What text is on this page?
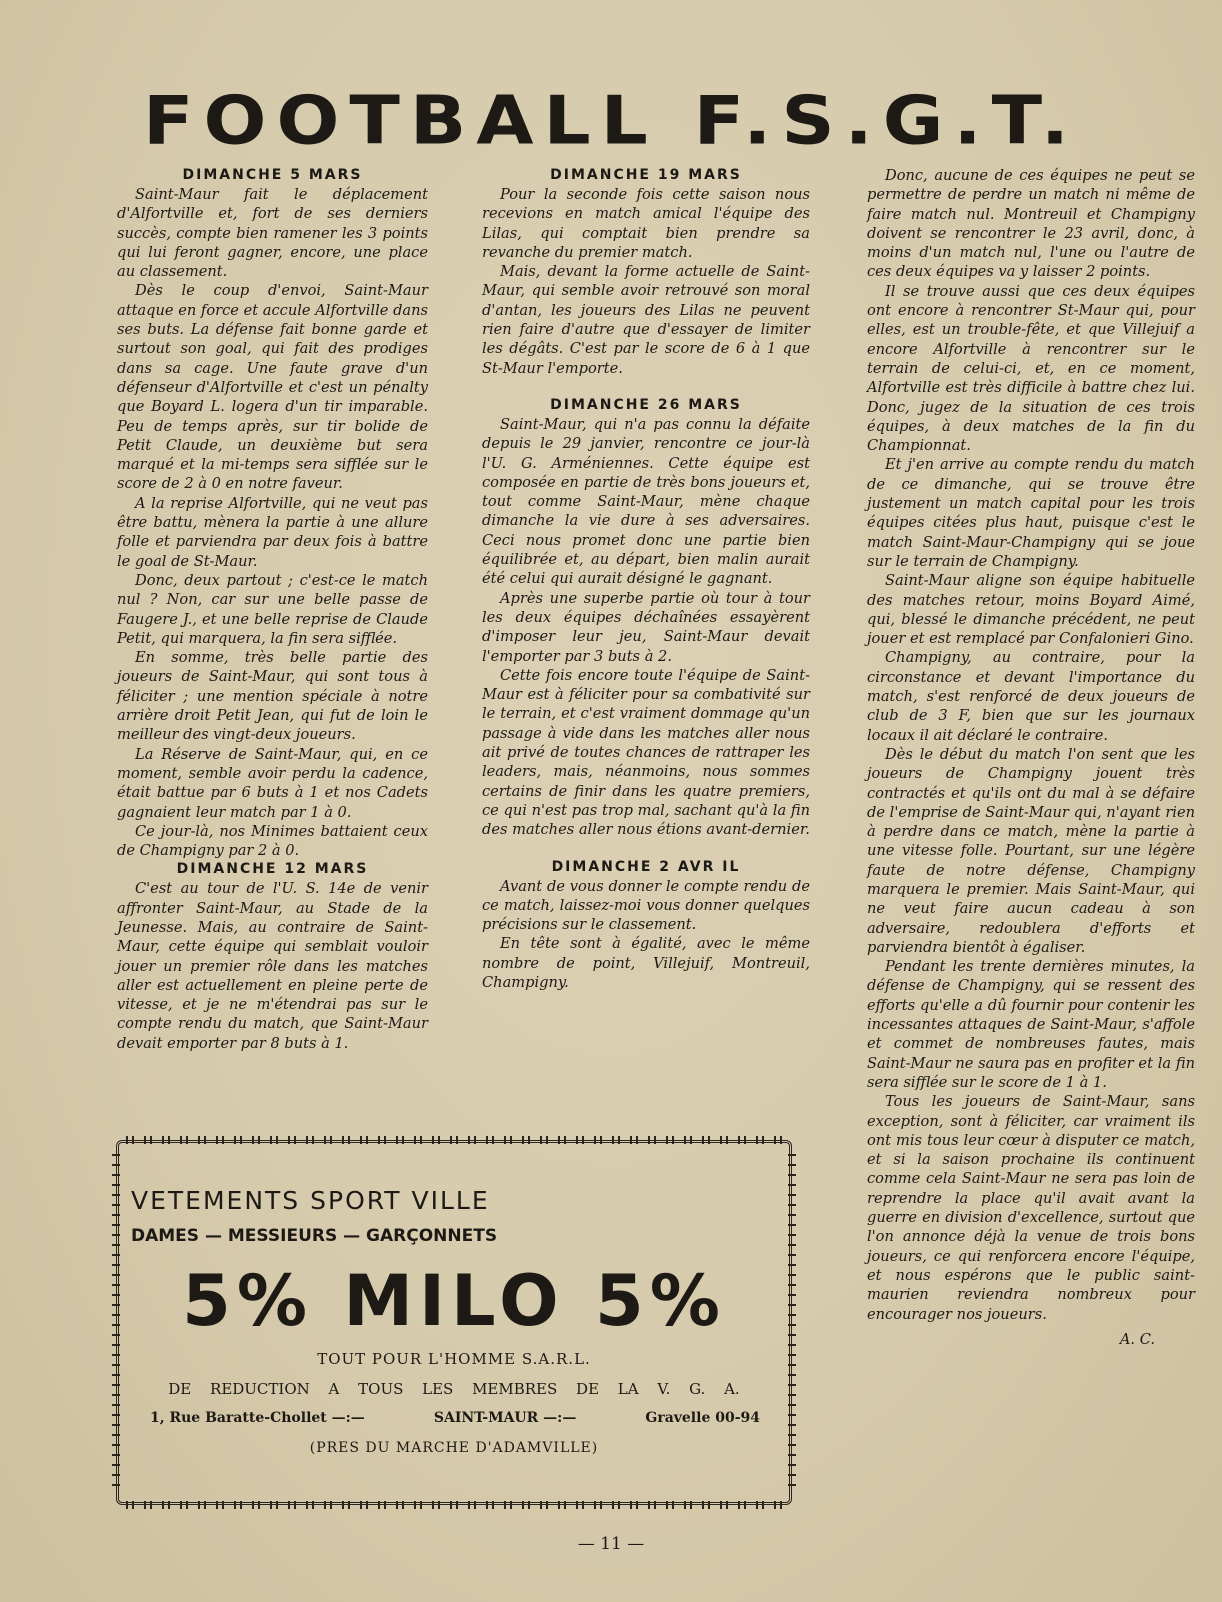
FOOTBALL F.S.G.T.
DIMANCHE 5 MARS

Saint-Maur fait le déplacement d'Alfortville et, fort de ses derniers succès, compte bien ramener les 3 points qui lui feront gagner, encore, une place au classement.

Dès le coup d'envoi, Saint-Maur attaque en force et accule Alfortville dans ses buts. La défense fait bonne garde et surtout son goal, qui fait des prodiges dans sa cage. Une faute grave d'un défenseur d'Alfortville et c'est un pénalty que Boyard L. logera d'un tir imparable. Peu de temps après, sur tir bolide de Petit Claude, un deuxième but sera marqué et la mi-temps sera sifflée sur le score de 2 à 0 en notre faveur.

A la reprise Alfortville, qui ne veut pas être battu, mènera la partie à une allure folle et parviendra par deux fois à battre le goal de St-Maur.

Donc, deux partout ; c'est-ce le match nul ? Non, car sur une belle passe de Faugere J., et une belle reprise de Claude Petit, qui marquera, la fin sera sifflée.

En somme, très belle partie des joueurs de Saint-Maur, qui sont tous à féliciter ; une mention spéciale à notre arrière droit Petit Jean, qui fut de loin le meilleur des vingt-deux joueurs.

La Réserve de Saint-Maur, qui, en ce moment, semble avoir perdu la cadence, était battue par 6 buts à 1 et nos Cadets gagnaient leur match par 1 à 0.

Ce jour-là, nos Minimes battaient ceux de Champigny par 2 à 0.

DIMANCHE 12 MARS

C'est au tour de l'U. S. 14e de venir affronter Saint-Maur, au Stade de la Jeunesse. Mais, au contraire de Saint-Maur, cette équipe qui semblait vouloir jouer un premier rôle dans les matches aller est actuellement en pleine perte de vitesse, et je ne m'étendrai pas sur le compte rendu du match, que Saint-Maur devait emporter par 8 buts à 1.

DIMANCHE 19 MARS

Pour la seconde fois cette saison nous recevions en match amical l'équipe des Lilas, qui comptait bien prendre sa revanche du premier match.

Mais, devant la forme actuelle de Saint-Maur, qui semble avoir retrouvé son moral d'antan, les joueurs des Lilas ne peuvent rien faire d'autre que d'essayer de limiter les dégâts. C'est par le score de 6 à 1 que St-Maur l'emporte.

DIMANCHE 26 MARS

Saint-Maur, qui n'a pas connu la défaite depuis le 29 janvier, rencontre ce jour-là l'U. G. Arméniennes. Cette équipe est composée en partie de très bons joueurs et, tout comme Saint-Maur, mène chaque dimanche la vie dure à ses adversaires. Ceci nous promet donc une partie bien équilibrée et, au départ, bien malin aurait été celui qui aurait désigné le gagnant.

Après une superbe partie où tour à tour les deux équipes déchaînées essayèrent d'imposer leur jeu, Saint-Maur devait l'emporter par 3 buts à 2.

Cette fois encore toute l'équipe de Saint-Maur est à féliciter pour sa combativité sur le terrain, et c'est vraiment dommage qu'un passage à vide dans les matches aller nous ait privé de toutes chances de rattraper les leaders, mais, néanmoins, nous sommes certains de finir dans les quatre premiers, ce qui n'est pas trop mal, sachant qu'à la fin des matches aller nous étions avant-dernier.

DIMANCHE 2 AVR IL

Avant de vous donner le compte rendu de ce match, laissez-moi vous donner quelques précisions sur le classement.

En tête sont à égalité, avec le même nombre de point, Villejuif, Montreuil, Champigny.

Donc, aucune de ces équipes ne peut se permettre de perdre un match ni même de faire match nul. Montreuil et Champigny doivent se rencontrer le 23 avril, donc, à moins d'un match nul, l'une ou l'autre de ces deux équipes va y laisser 2 points.

Il se trouve aussi que ces deux équipes ont encore à rencontrer St-Maur qui, pour elles, est un trouble-fête, et que Villejuif a encore Alfortville à rencontrer sur le terrain de celui-ci, et, en ce moment, Alfortville est très difficile à battre chez lui. Donc, jugez de la situation de ces trois équipes, à deux matches de la fin du Championnat.

Et j'en arrive au compte rendu du match de ce dimanche, qui se trouve être justement un match capital pour les trois équipes citées plus haut, puisque c'est le match Saint-Maur-Champigny qui se joue sur le terrain de Champigny.

Saint-Maur aligne son équipe habituelle des matches retour, moins Boyard Aimé, qui, blessé le dimanche précédent, ne peut jouer et est remplacé par Confalonieri Gino.

Champigny, au contraire, pour la circonstance et devant l'importance du match, s'est renforcé de deux joueurs de club de 3 F, bien que sur les journaux locaux il ait déclaré le contraire.

Dès le début du match l'on sent que les joueurs de Champigny jouent très contractés et qu'ils ont du mal à se défaire de l'emprise de Saint-Maur qui, n'ayant rien à perdre dans ce match, mène la partie à une vitesse folle. Pourtant, sur une légère faute de notre défense, Champigny marquera le premier. Mais Saint-Maur, qui ne veut faire aucun cadeau à son adversaire, redoublera d'efforts et parviendra bientôt à égaliser.

Pendant les trente dernières minutes, la défense de Champigny, qui se ressent des efforts qu'elle a dû fournir pour contenir les incessantes attaques de Saint-Maur, s'affole et commet de nombreuses fautes, mais Saint-Maur ne saura pas en profiter et la fin sera sifflée sur le score de 1 à 1.

Tous les joueurs de Saint-Maur, sans exception, sont à féliciter, car vraiment ils ont mis tous leur cœur à disputer ce match, et si la saison prochaine ils continuent comme cela Saint-Maur ne sera pas loin de reprendre la place qu'il avait avant la guerre en division d'excellence, surtout que l'on annonce déjà la venue de trois bons joueurs, ce qui renforcera encore l'équipe, et nous espérons que le public saint-maurien reviendra nombreux pour encourager nos joueurs.

A. C.
VETEMENTS SPORT VILLE
DAMES — MESSIEURS — GARÇONNETS
5% MILO 5%
TOUT POUR L'HOMME S.A.R.L.
DE REDUCTION A TOUS LES MEMBRES DE LA V. G. A.
1, Rue Baratte-Chollet —:—	SAINT-MAUR —:—	Gravelle 00-94
(PRES DU MARCHE D'ADAMVILLE)
— 11 —
